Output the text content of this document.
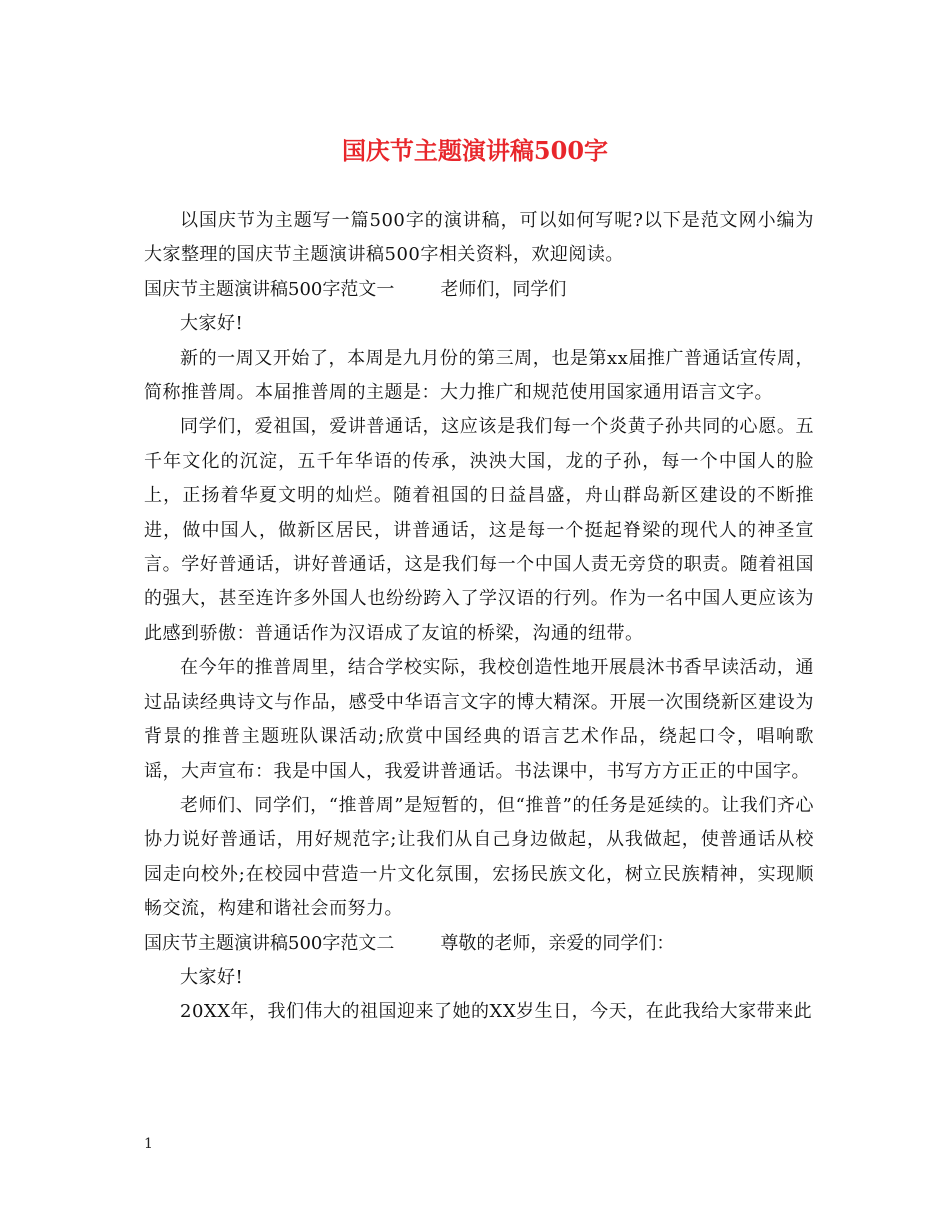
国庆节主题演讲稿500字

以国庆节为主题写一篇500字的演讲稿，可以如何写呢?以下是范文网小编为大家整理的国庆节主题演讲稿500字相关资料，欢迎阅读。

国庆节主题演讲稿500字范文一	老师们，同学们

大家好!

新的一周又开始了，本周是九月份的第三周，也是第xx届推广普通话宣传周，简称推普周。本届推普周的主题是：大力推广和规范使用国家通用语言文字。

同学们，爱祖国，爱讲普通话，这应该是我们每一个炎黄子孙共同的心愿。五千年文化的沉淀，五千年华语的传承，泱泱大国，龙的子孙，每一个中国人的脸上，正扬着华夏文明的灿烂。随着祖国的日益昌盛，舟山群岛新区建设的不断推进，做中国人，做新区居民，讲普通话，这是每一个挺起脊梁的现代人的神圣宣言。学好普通话，讲好普通话，这是我们每一个中国人责无旁贷的职责。随着祖国的强大，甚至连许多外国人也纷纷跨入了学汉语的行列。作为一名中国人更应该为此感到骄傲：普通话作为汉语成了友谊的桥梁，沟通的纽带。

在今年的推普周里，结合学校实际，我校创造性地开展晨沐书香早读活动，通过品读经典诗文与作品，感受中华语言文字的博大精深。开展一次围绕新区建设为背景的推普主题班队课活动;欣赏中国经典的语言艺术作品，绕起口令，唱响歌谣，大声宣布：我是中国人，我爱讲普通话。书法课中，书写方方正正的中国字。

老师们、同学们，“推普周”是短暂的，但“推普”的任务是延续的。让我们齐心协力说好普通话，用好规范字;让我们从自己身边做起，从我做起，使普通话从校园走向校外;在校园中营造一片文化氛围，宏扬民族文化，树立民族精神，实现顺畅交流，构建和谐社会而努力。

国庆节主题演讲稿500字范文二	尊敬的老师，亲爱的同学们：

大家好!

20XX年，我们伟大的祖国迎来了她的XX岁生日，今天，在此我给大家带来此

1
